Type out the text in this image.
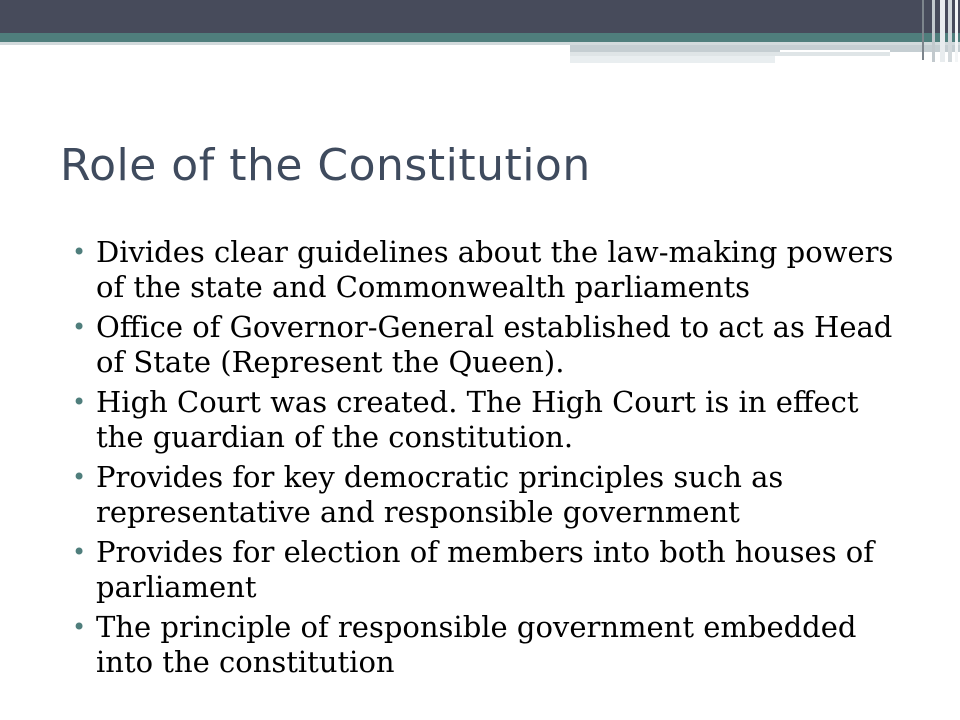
Role of the Constitution
• Divides clear guidelines about the law-making powers of the state and Commonwealth parliaments
• Office of Governor-General established to act as Head of State (Represent the Queen).
• High Court was created. The High Court is in effect the guardian of the constitution.
• Provides for key democratic principles such as representative and responsible government
• Provides for election of members into both houses of parliament
• The principle of responsible government embedded into the constitution
